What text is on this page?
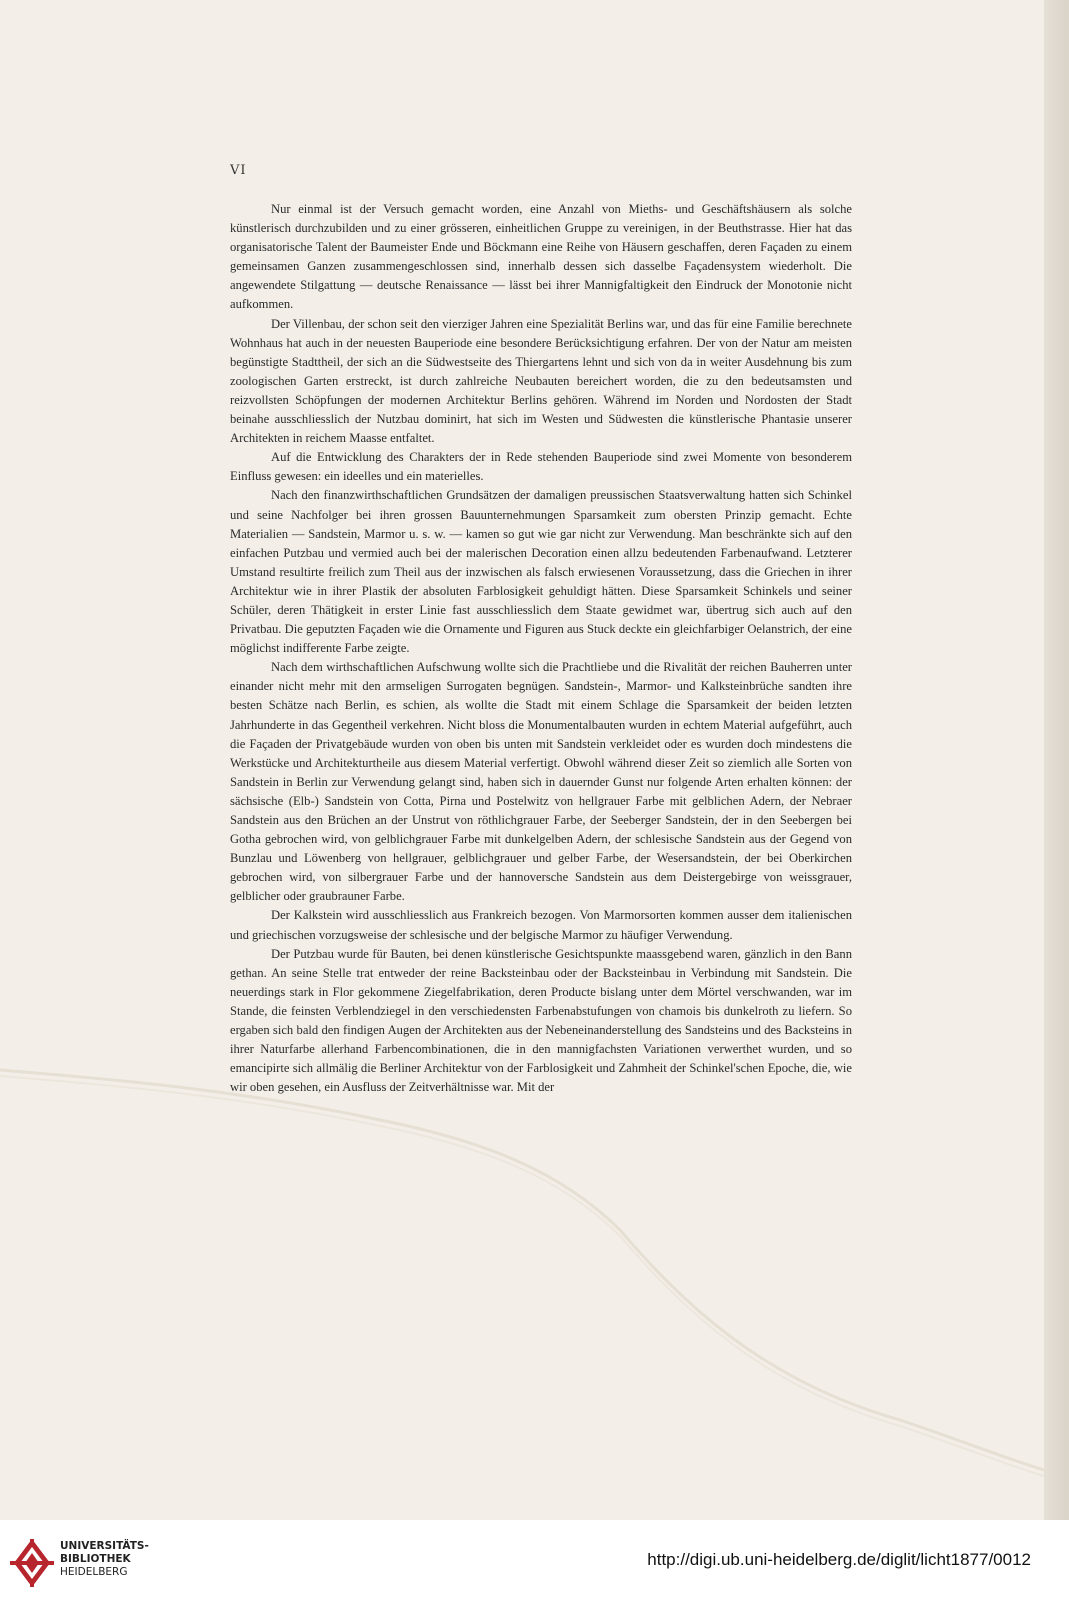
VI

Nur einmal ist der Versuch gemacht worden, eine Anzahl von Mieths- und Geschäftshäusern als solche künstlerisch durchzubilden und zu einer grösseren, einheitlichen Gruppe zu vereinigen, in der Beuthstrasse. Hier hat das organisatorische Talent der Baumeister Ende und Böckmann eine Reihe von Häusern geschaffen, deren Façaden zu einem gemeinsamen Ganzen zusammengeschlossen sind, innerhalb dessen sich dasselbe Façadensystem wiederholt. Die angewendete Stilgattung — deutsche Renaissance — lässt bei ihrer Mannigfaltigkeit den Eindruck der Monotonie nicht aufkommen.

Der Villenbau, der schon seit den vierziger Jahren eine Spezialität Berlins war, und das für eine Familie berechnete Wohnhaus hat auch in der neuesten Bauperiode eine besondere Berücksichtigung erfahren. Der von der Natur am meisten begünstigte Stadttheil, der sich an die Südwestseite des Thiergartens lehnt und sich von da in weiter Ausdehnung bis zum zoologischen Garten erstreckt, ist durch zahlreiche Neubauten bereichert worden, die zu den bedeutsamsten und reizvollsten Schöpfungen der modernen Architektur Berlins gehören. Während im Norden und Nordosten der Stadt beinahe ausschliesslich der Nutzbau dominirt, hat sich im Westen und Südwesten die künstlerische Phantasie unserer Architekten in reichem Maasse entfaltet.

Auf die Entwicklung des Charakters der in Rede stehenden Bauperiode sind zwei Momente von besonderem Einfluss gewesen: ein ideelles und ein materielles.

Nach den finanzwirthschaftlichen Grundsätzen der damaligen preussischen Staatsverwaltung hatten sich Schinkel und seine Nachfolger bei ihren grossen Bauunternehmungen Sparsamkeit zum obersten Prinzip gemacht. Echte Materialien — Sandstein, Marmor u. s. w. — kamen so gut wie gar nicht zur Verwendung. Man beschränkte sich auf den einfachen Putzbau und vermied auch bei der malerischen Decoration einen allzu bedeutenden Farbenaufwand. Letzterer Umstand resultirte freilich zum Theil aus der inzwischen als falsch erwiesenen Voraussetzung, dass die Griechen in ihrer Architektur wie in ihrer Plastik der absoluten Farblosigkeit gehuldigt hätten. Diese Sparsamkeit Schinkels und seiner Schüler, deren Thätigkeit in erster Linie fast ausschliesslich dem Staate gewidmet war, übertrug sich auch auf den Privatbau. Die geputzten Façaden wie die Ornamente und Figuren aus Stuck deckte ein gleichfarbiger Oelanstrich, der eine möglichst indifferente Farbe zeigte.

Nach dem wirthschaftlichen Aufschwung wollte sich die Prachtliebe und die Rivalität der reichen Bauherren unter einander nicht mehr mit den armseligen Surrogaten begnügen. Sandstein-, Marmor- und Kalksteinbrüche sandten ihre besten Schätze nach Berlin, es schien, als wollte die Stadt mit einem Schlage die Sparsamkeit der beiden letzten Jahrhunderte in das Gegentheil verkehren. Nicht bloss die Monumentalbauten wurden in echtem Material aufgeführt, auch die Façaden der Privatgebäude wurden von oben bis unten mit Sandstein verkleidet oder es wurden doch mindestens die Werkstücke und Architekturtheile aus diesem Material verfertigt. Obwohl während dieser Zeit so ziemlich alle Sorten von Sandstein in Berlin zur Verwendung gelangt sind, haben sich in dauernder Gunst nur folgende Arten erhalten können: der sächsische (Elb-) Sandstein von Cotta, Pirna und Postelwitz von hellgrauer Farbe mit gelblichen Adern, der Nebraer Sandstein aus den Brüchen an der Unstrut von röthlichgrauer Farbe, der Seeberger Sandstein, der in den Seebergen bei Gotha gebrochen wird, von gelblichgrauer Farbe mit dunkelgelben Adern, der schlesische Sandstein aus der Gegend von Bunzlau und Löwenberg von hellgrauer, gelblichgrauer und gelber Farbe, der Wesersandstein, der bei Oberkirchen gebrochen wird, von silbergrauer Farbe und der hannoversche Sandstein aus dem Deistergebirge von weissgrauer, gelblicher oder graubrauner Farbe.

Der Kalkstein wird ausschliesslich aus Frankreich bezogen. Von Marmorsorten kommen ausser dem italienischen und griechischen vorzugsweise der schlesische und der belgische Marmor zu häufiger Verwendung.

Der Putzbau wurde für Bauten, bei denen künstlerische Gesichtspunkte maassgebend waren, gänzlich in den Bann gethan. An seine Stelle trat entweder der reine Backsteinbau oder der Backsteinbau in Verbindung mit Sandstein. Die neuerdings stark in Flor gekommene Ziegelfabrikation, deren Producte bislang unter dem Mörtel verschwanden, war im Stande, die feinsten Verblendziegel in den verschiedensten Farbenabstufungen von chamois bis dunkelroth zu liefern. So ergaben sich bald den findigen Augen der Architekten aus der Nebeneinanderstellung des Sandsteins und des Backsteins in ihrer Naturfarbe allerhand Farbencombinationen, die in den mannigfachsten Variationen verwerthet wurden, und so emancipirte sich allmälig die Berliner Architektur von der Farblosigkeit und Zahmheit der Schinkel'schen Epoche, die, wie wir oben gesehen, ein Ausfluss der Zeitverhältnisse war. Mit der

UNIVERSITÄTS-
BIBLIOTHEK
HEIDELBERG
http://digi.ub.uni-heidelberg.de/diglit/licht1877/0012
